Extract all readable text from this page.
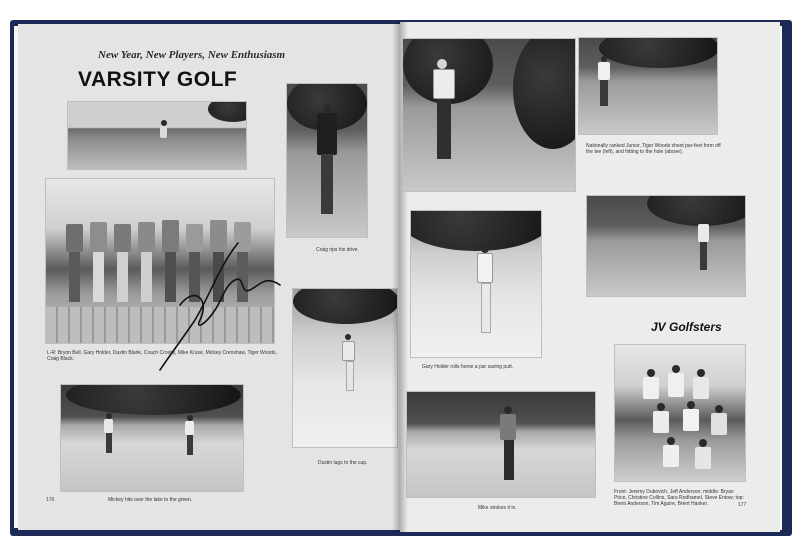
New Year, New Players, New Enthusiasm
VARSITY GOLF
Craig rips his drive.
L-R: Bryon Bell, Gary Holder, Dustin Blank, Coach Crosby, Mike Kruse, Mickey Crenshaw, Tiger Woods, Craig Black.
Dustin lags to the cup.
Mickey hits over the lake to the green.
176
Nationally ranked Junior, Tiger Woods shoot par-feet form off the tee (left), and hitting to the hole (above).
Gary Holder rolls home a par saving putt.
JV Golfsters
Mike strokes it in.
Front: Jeremy Dubovich, Jeff Anderson; middle: Bryan Price, Christine Collins, Sara Rodhamel, Steve Entow; top: Brent Anderson, Tim Aguire, Brent Hanker.	177
